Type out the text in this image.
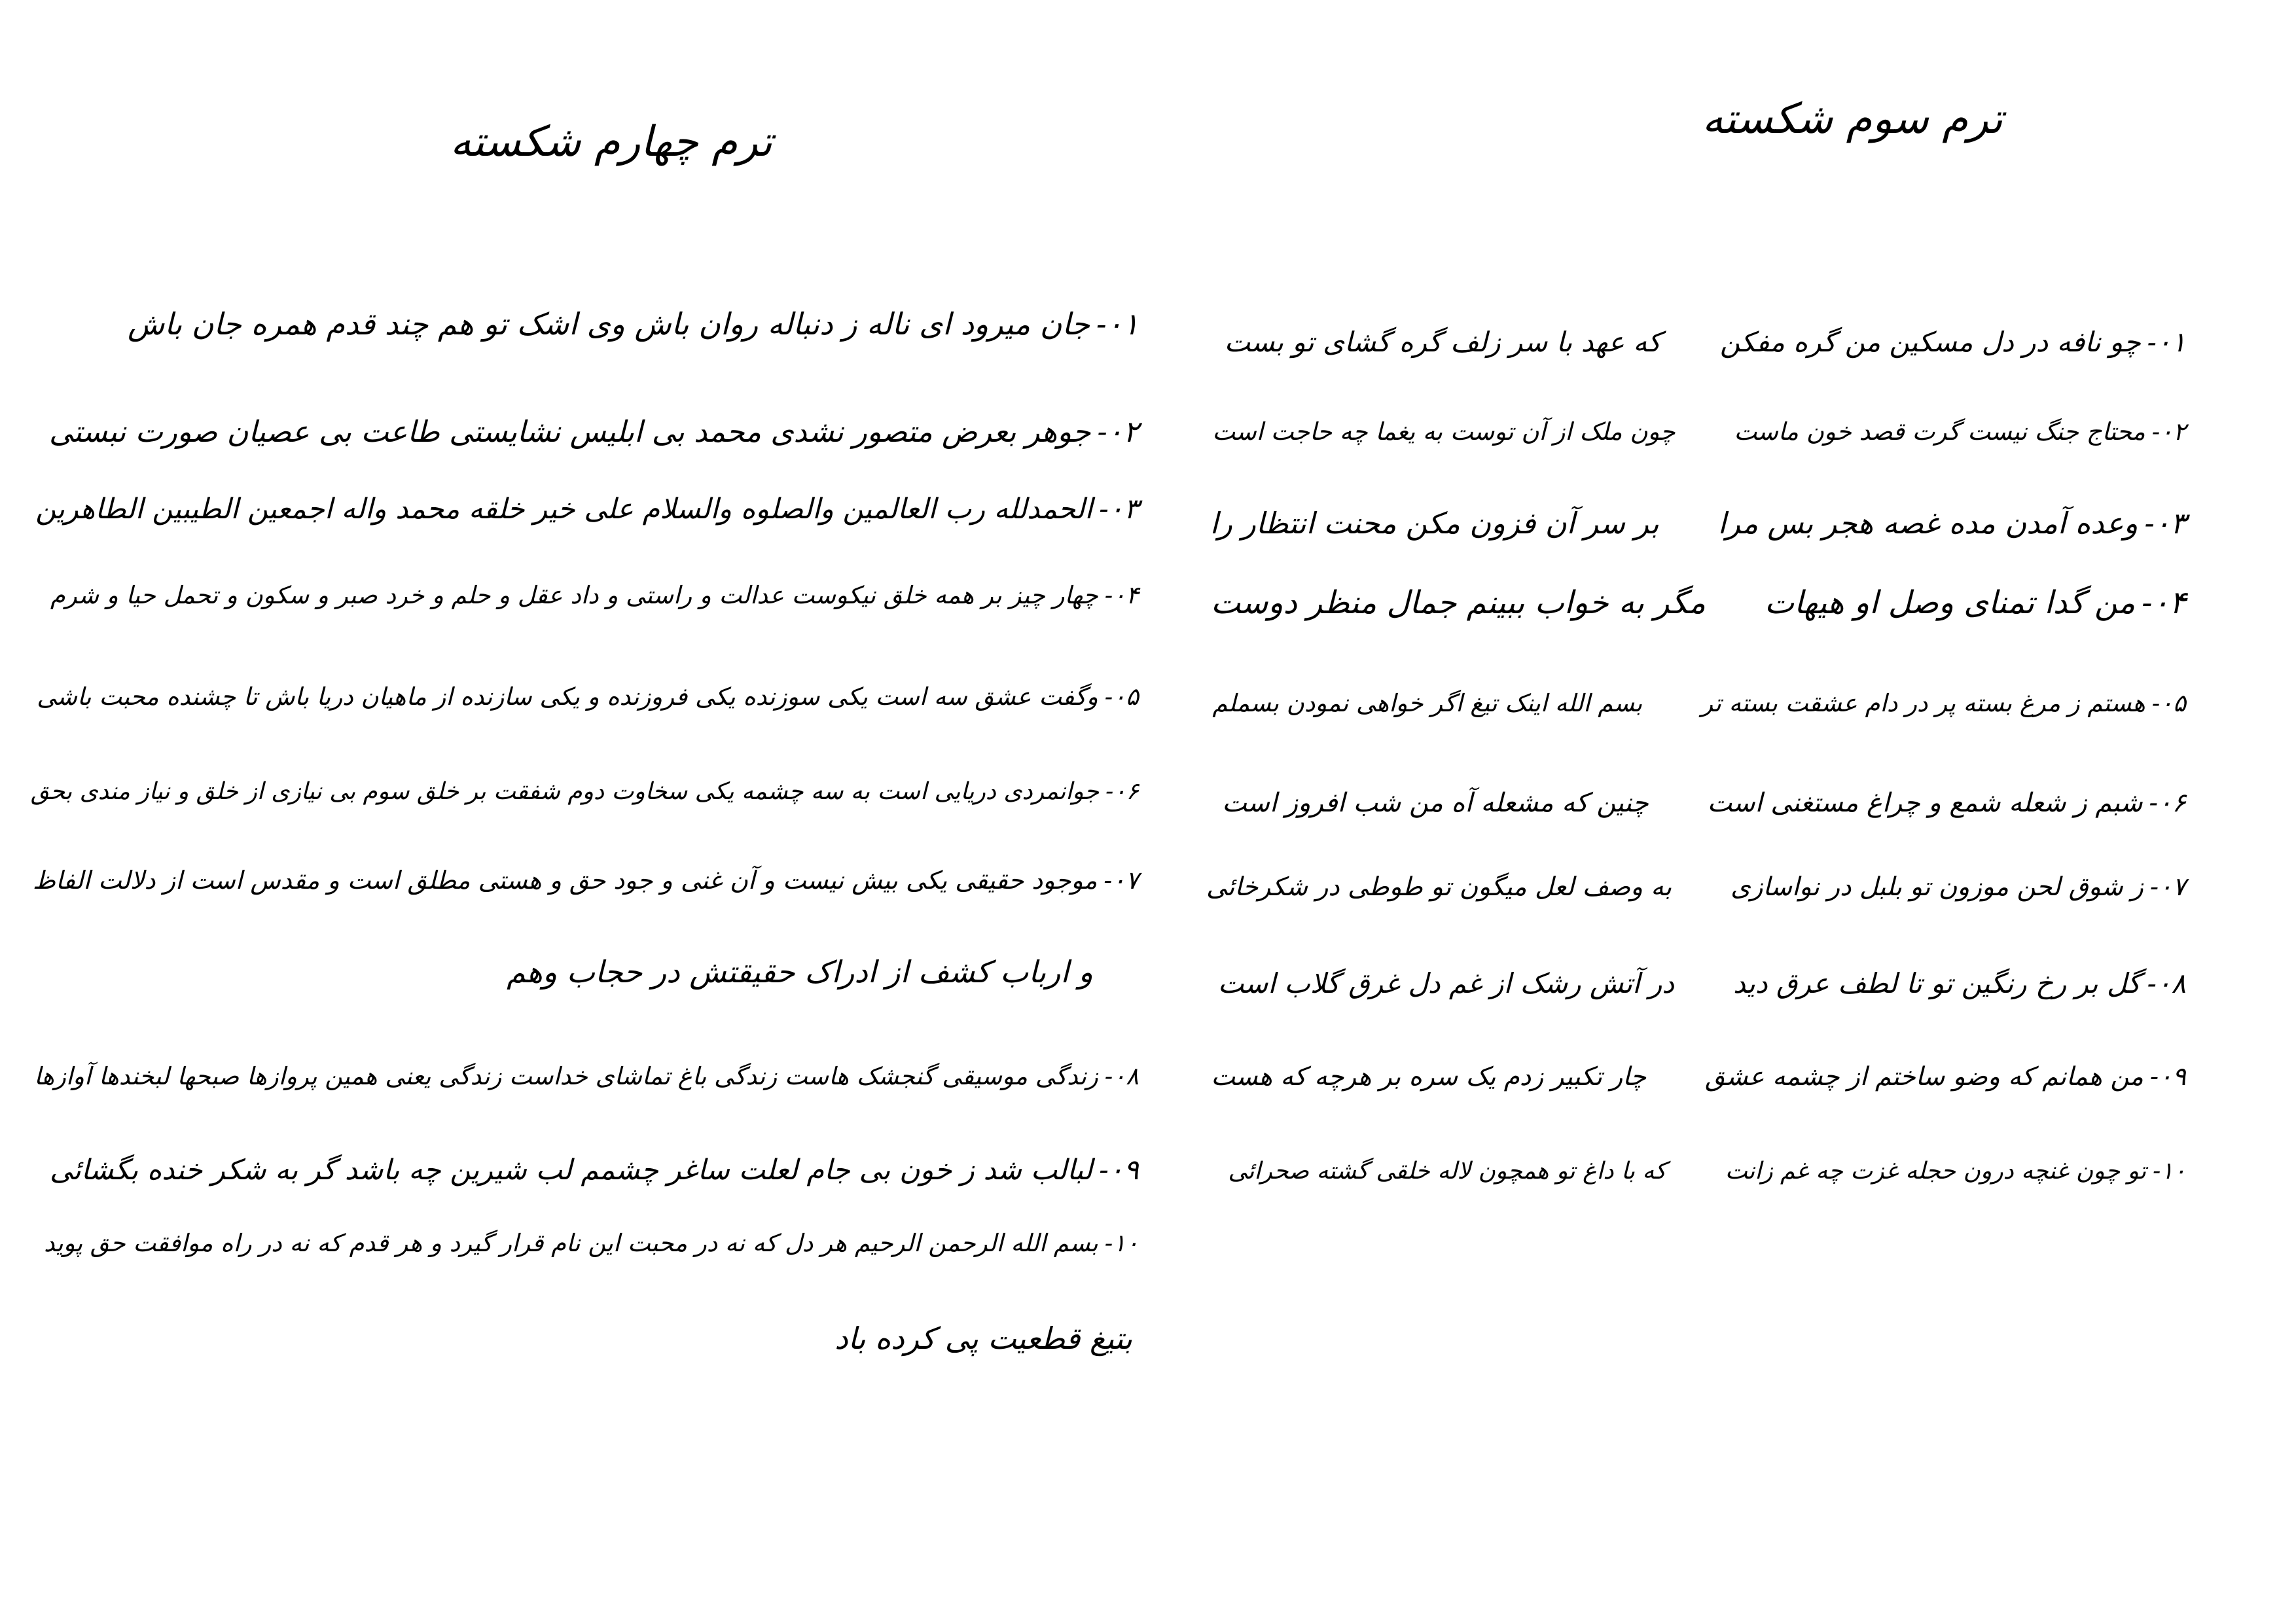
ترم سوم شکسته
۰۱-چو نافه در دل مسکین من گره مفکنکه عهد با سر زلف گره گشای تو بست
۰۲-محتاج جنگ نیست گرت قصد خون ماستچون ملک از آن توست به یغما چه حاجت است
۰۳-وعده آمدن مده غصه هجر بس مرابر سر آن فزون مکن محنت انتظار را
۰۴-من گدا تمنای وصل او هیهاتمگر به خواب ببینم جمال منظر دوست
۰۵-هستم ز مرغ بسته پر در دام عشقت بسته تربسم الله اینک تیغ اگر خواهی نمودن بسملم
۰۶-شبم ز شعله شمع و چراغ مستغنی استچنین که مشعله آه من شب افروز است
۰۷-ز شوق لحن موزون تو بلبل در نواسازیبه وصف لعل میگون تو طوطی در شکرخائی
۰۸-گل بر رخ رنگین تو تا لطف عرق دیددر آتش رشک از غم دل غرق گلاب است
۰۹-من همانم که وضو ساختم از چشمه عشقچار تکبیر زدم یک سره بر هرچه که هست
۱۰-تو چون غنچه درون حجله غزت چه غم زانتکه با داغ تو همچون لاله خلقی گشته صحرائی
ترم چهارم شکسته
۰۱-جان میرود ای ناله ز دنباله روان باش وی اشک تو هم چند قدم همره جان باش
۰۲-جوهر بعرض متصور نشدی محمد بی ابلیس نشایستی طاعت بی عصیان صورت نبستی
۰۳-الحمدلله رب العالمین والصلوه والسلام علی خیر خلقه محمد واله اجمعین الطیبین الطاهرین
۰۴-چهار چیز بر همه خلق نیکوست عدالت و راستی و داد عقل و حلم و خرد صبر و سکون و تحمل حیا و شرم
۰۵-وگفت عشق سه است یکی سوزنده یکی فروزنده و یکی سازنده از ماهیان دریا باش تا چشنده محبت باشی
۰۶-جوانمردی دریایی است به سه چشمه یکی سخاوت دوم شفقت بر خلق سوم بی نیازی از خلق و نیاز مندی بحق
۰۷-موجود حقیقی یکی بیش نیست و آن غنی و جود حق و هستی مطلق است و مقدس است از دلالت الفاظ
و ارباب کشف از ادراک حقیقتش در حجاب وهم
۰۸-زندگی موسیقی گنجشک هاست زندگی باغ تماشای خداست زندگی یعنی همین پروازها صبحها لبخندها آوازها
۰۹-لبالب شد ز خون بی جام لعلت ساغر چشمم لب شیرین چه باشد گر به شکر خنده بگشائی
۱۰-بسم الله الرحمن الرحیم هر دل که نه در محبت این نام قرار گیرد و هر قدم که نه در راه موافقت حق پوید
بتیغ قطعیت پی کرده باد
